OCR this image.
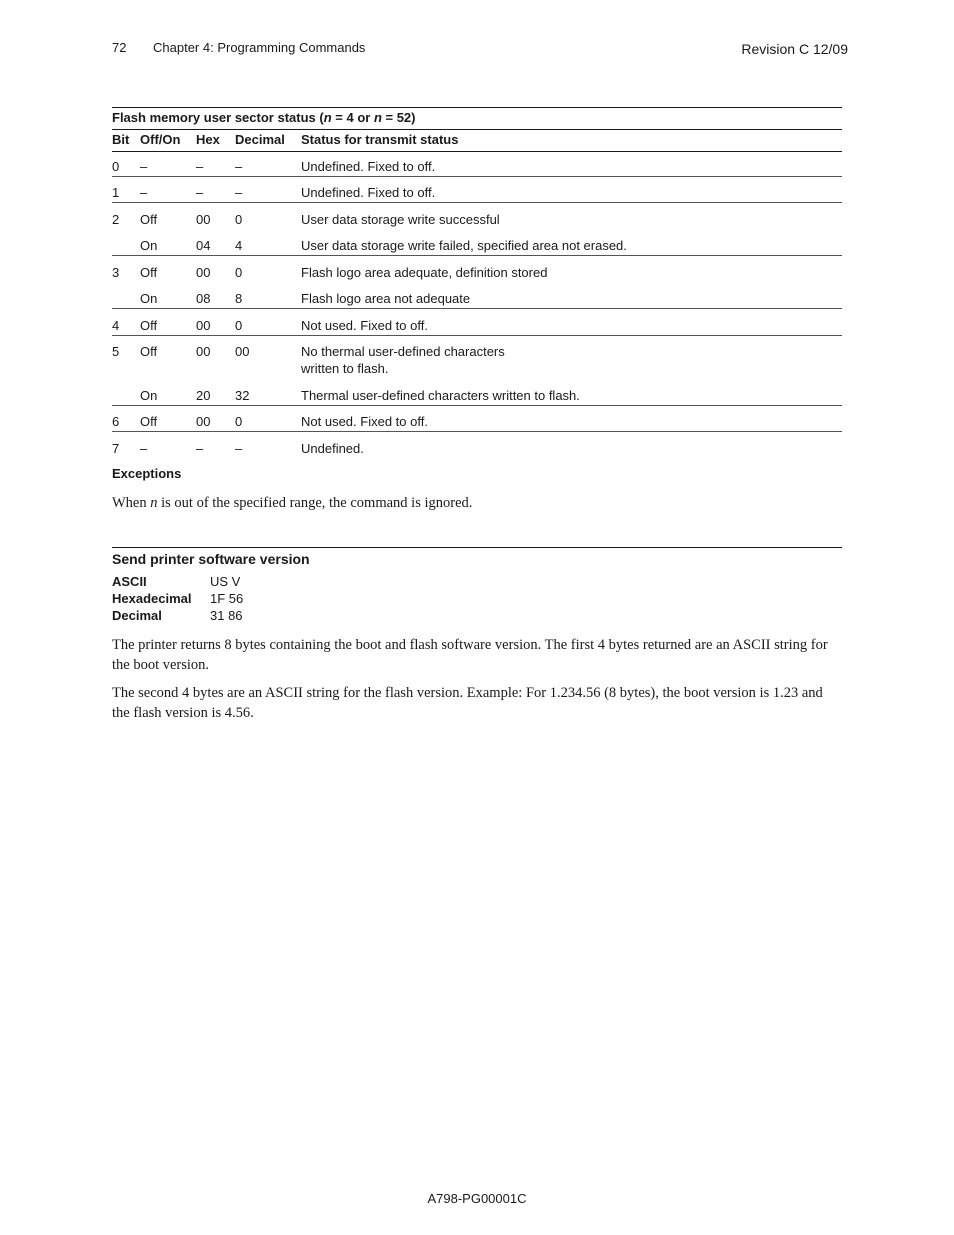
72 Chapter 4: Programming Commands	Revision C 12/09
Flash memory user sector status (n = 4 or n = 52)
Bit Off/On Hex Decimal Status for transmit status
0 –	– –	Undefined. Fixed to off.
1 –	– –	Undefined. Fixed to off.
2 Off	00 0	User data storage write successful
On	04 4	User data storage write failed, specified area not erased.
3 Off	00 0	Flash logo area adequate, definition stored
On	08 8	Flash logo area not adequate
4 Off	00 0	Not used. Fixed to off.
5 Off	00 00	No thermal user-defined characters
written to flash.
On	20 32	Thermal user-defined characters written to flash.
6 Off	00 0	Not used. Fixed to off.
7 –	– –	Undefined.
Exceptions
When n is out of the specified range, the command is ignored.
Send printer software version
ASCII	US V
Hexadecimal 1F 56
Decimal	31 86
The printer returns 8 bytes containing the boot and flash software version. The first 4 bytes returned are an ASCII string for the boot version.
The second 4 bytes are an ASCII string for the flash version. Example: For 1.234.56 (8 bytes), the boot version is 1.23 and the flash version is 4.56.
A798-PG00001C
